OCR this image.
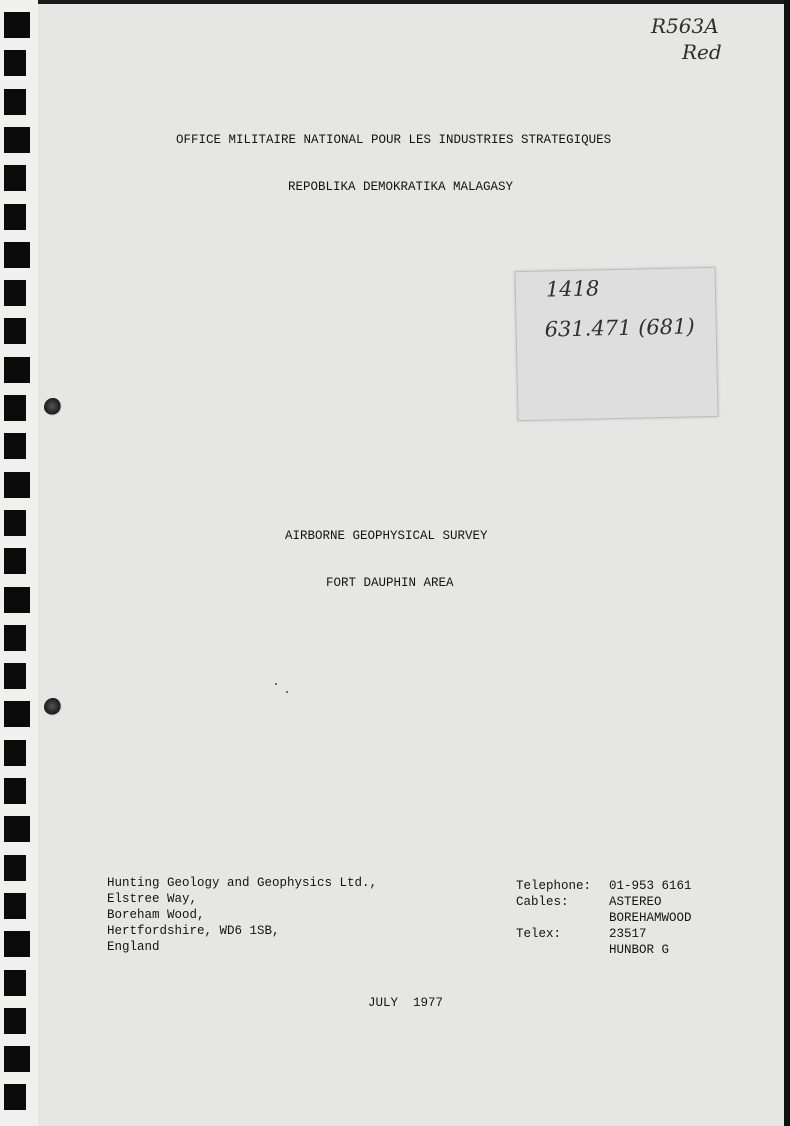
R563A
Red
1418
631.471 (681)
OFFICE MILITAIRE NATIONAL POUR LES INDUSTRIES STRATEGIQUES
REPOBLIKA DEMOKRATIKA MALAGASY
AIRBORNE GEOPHYSICAL SURVEY
FORT DAUPHIN AREA
Hunting Geology and Geophysics Ltd.,
Elstree Way,
Boreham Wood,
Hertfordshire, WD6 1SB,
England
Telephone: 01-953 6161
Cables:	ASTEREO
BOREHAMWOOD
Telex:	23517
HUNBOR G
JULY  1977
